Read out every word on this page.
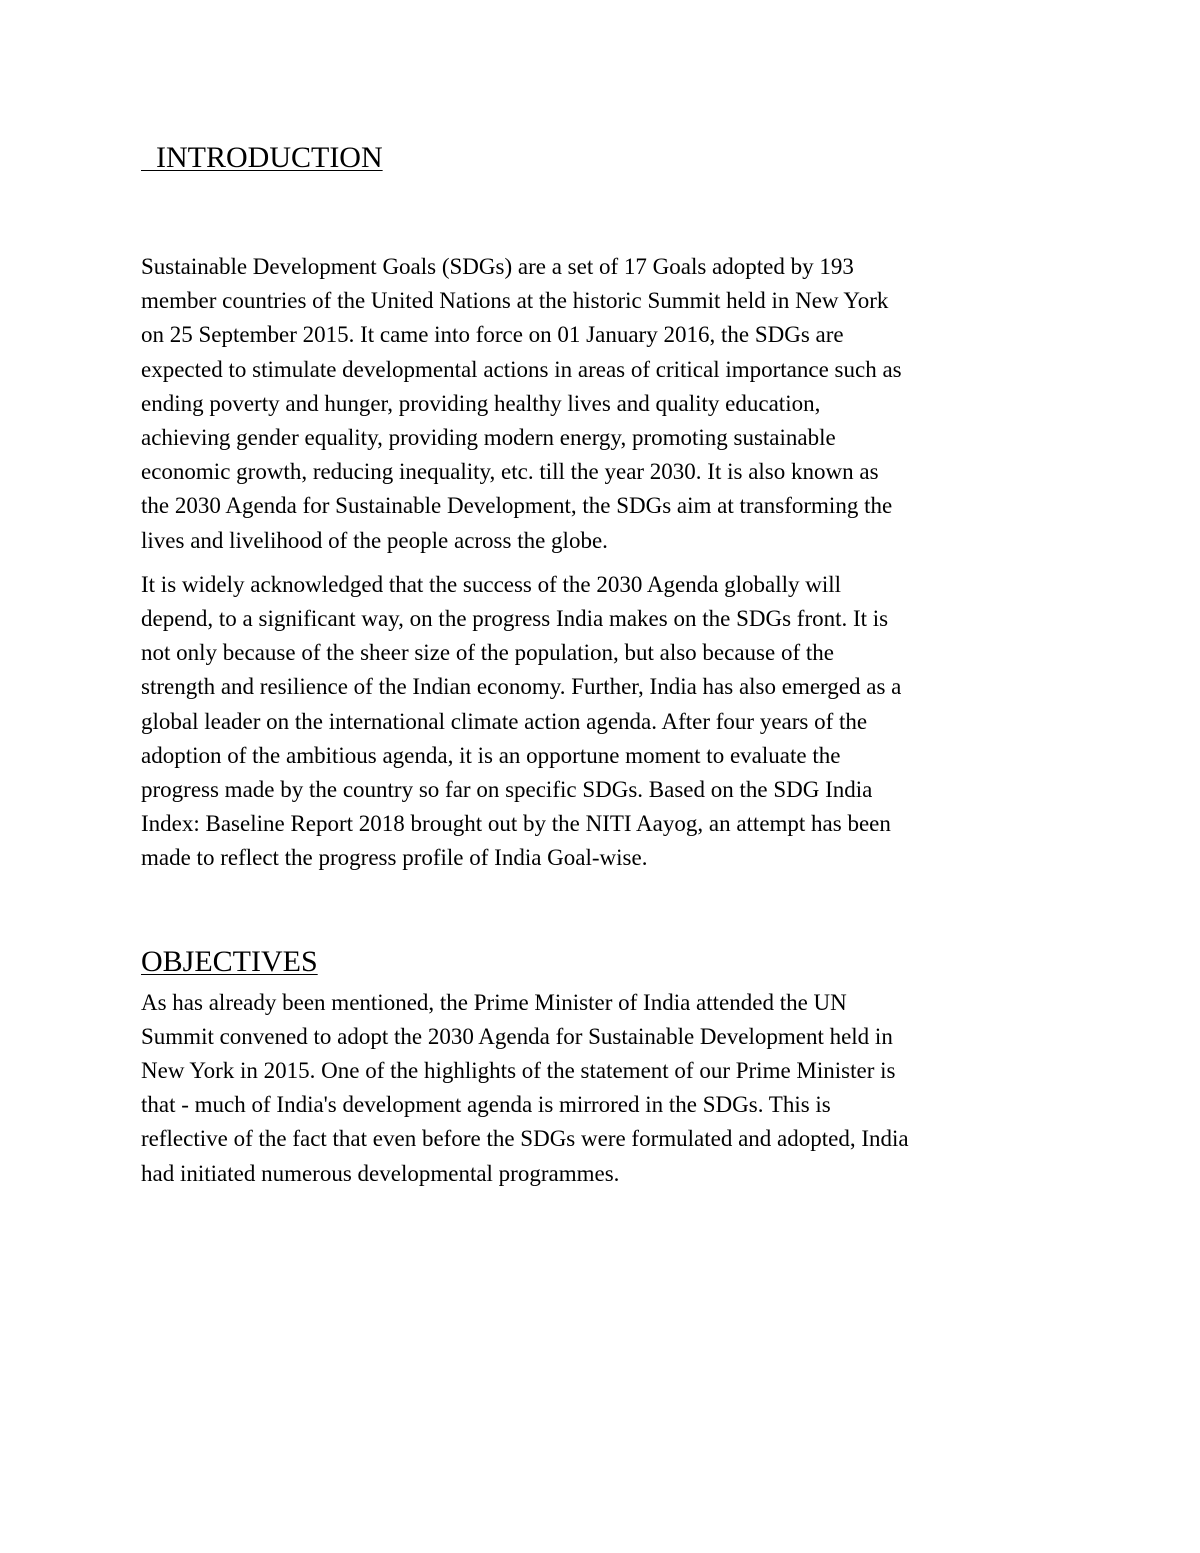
INTRODUCTION

Sustainable Development Goals (SDGs) are a set of 17 Goals adopted by 193
member countries of the United Nations at the historic Summit held in New York
on 25 September 2015. It came into force on 01 January 2016, the SDGs are
expected to stimulate developmental actions in areas of critical importance such as
ending poverty and hunger, providing healthy lives and quality education,
achieving gender equality, providing modern energy, promoting sustainable
economic growth, reducing inequality, etc. till the year 2030. It is also known as
the 2030 Agenda for Sustainable Development, the SDGs aim at transforming the
lives and livelihood of the people across the globe.

It is widely acknowledged that the success of the 2030 Agenda globally will
depend, to a significant way, on the progress India makes on the SDGs front. It is
not only because of the sheer size of the population, but also because of the
strength and resilience of the Indian economy. Further, India has also emerged as a
global leader on the international climate action agenda. After four years of the
adoption of the ambitious agenda, it is an opportune moment to evaluate the
progress made by the country so far on specific SDGs. Based on the SDG India
Index: Baseline Report 2018 brought out by the NITI Aayog, an attempt has been
made to reflect the progress profile of India Goal-wise.

OBJECTIVES

As has already been mentioned, the Prime Minister of India attended the UN
Summit convened to adopt the 2030 Agenda for Sustainable Development held in
New York in 2015. One of the highlights of the statement of our Prime Minister is
that - much of India's development agenda is mirrored in the SDGs. This is
reflective of the fact that even before the SDGs were formulated and adopted, India
had initiated numerous developmental programmes.
